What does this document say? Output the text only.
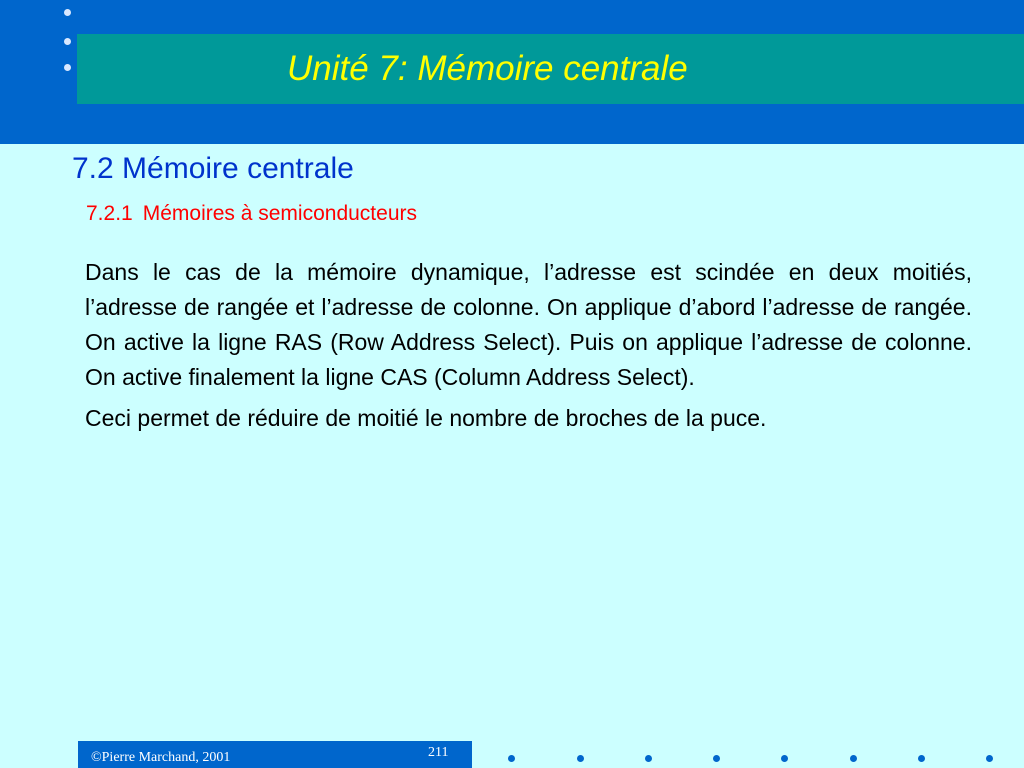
Unité 7: Mémoire centrale
7.2 Mémoire centrale
7.2.1 Mémoires à semiconducteurs

Dans le cas de la mémoire dynamique, l’adresse est scindée en deux moitiés, l’adresse de rangée et l’adresse de colonne. On applique d’abord l’adresse de rangée. On active la ligne RAS (Row Address Select). Puis on applique l’adresse de colonne. On active finalement la ligne CAS (Column Address Select).

Ceci permet de réduire de moitié le nombre de broches de la puce.

©Pierre Marchand, 2001	211
